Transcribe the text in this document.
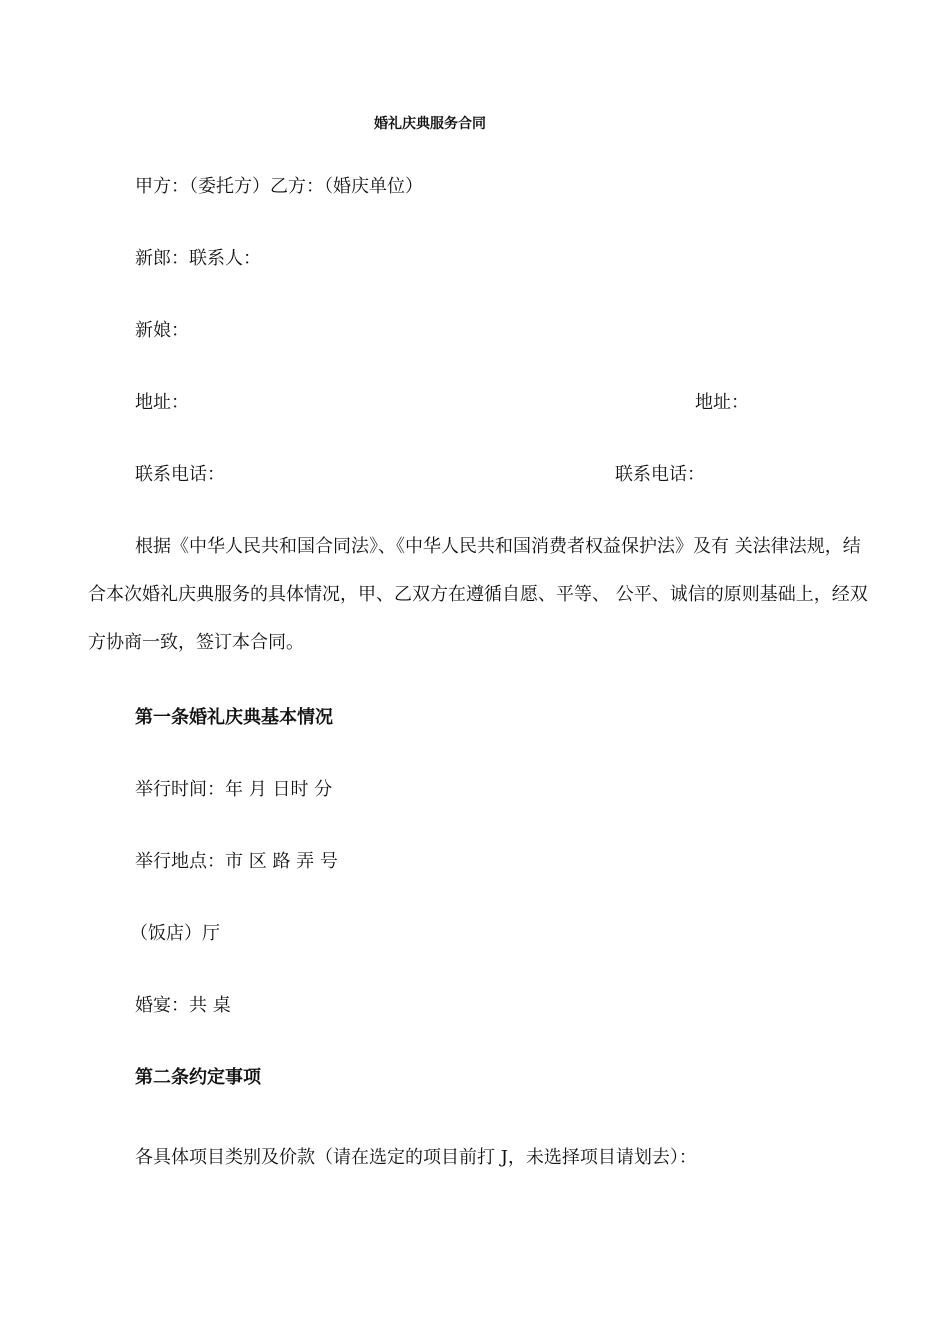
婚礼庆典服务合同
甲方：（委托方）乙方：（婚庆单位）
新郎：联系人：
新娘：
地址：	地址：
联系电话：	联系电话：
根据《中华人民共和国合同法》、《中华人民共和国消费者权益保护法》及有 关法律法规，结合本次婚礼庆典服务的具体情况，甲、乙双方在遵循自愿、平等、 公平、诚信的原则基础上，经双方协商一致，签订本合同。
第一条婚礼庆典基本情况
举行时间：年 月 日时 分
举行地点：市 区 路 弄 号
（饭店）厅
婚宴：共 桌
第二条约定事项
各具体项目类别及价款（请在选定的项目前打 J，未选择项目请划去）：
